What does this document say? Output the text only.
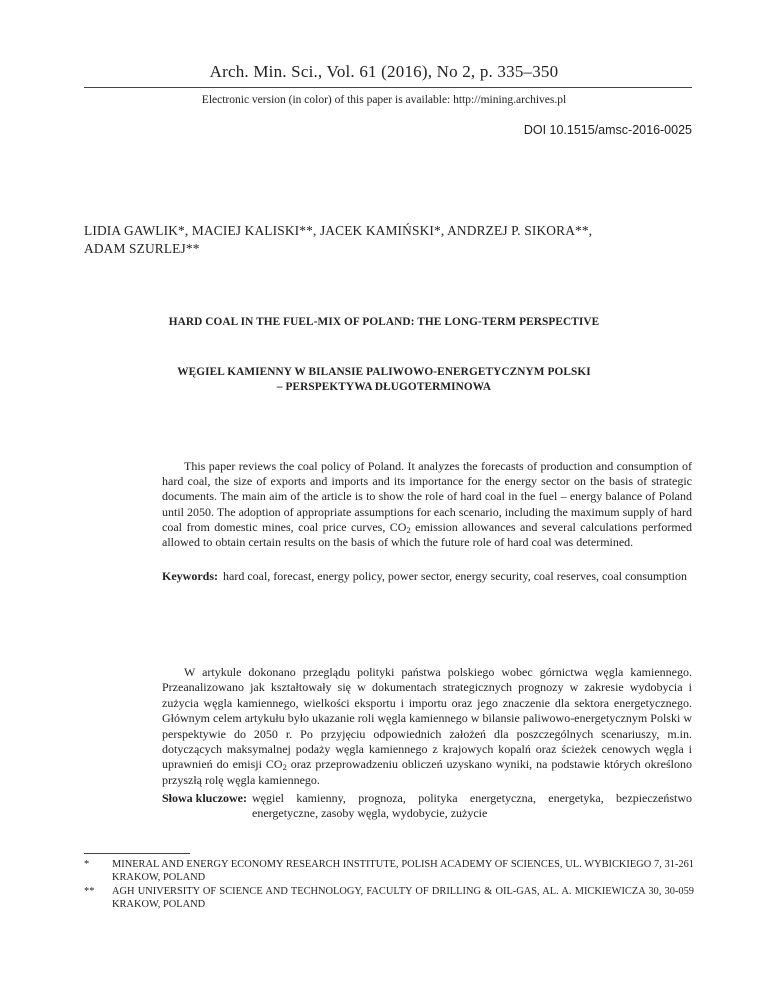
Arch. Min. Sci., Vol. 61 (2016), No 2, p. 335–350
Electronic version (in color) of this paper is available: http://mining.archives.pl
DOI 10.1515/amsc-2016-0025
LIDIA GAWLIK*, MACIEJ KALISKI**, JACEK KAMIŃSKI*, ANDRZEJ P. SIKORA**,
ADAM SZURLEJ**
HARD COAL IN THE FUEL-MIX OF POLAND: THE LONG-TERM PERSPECTIVE
WĘGIEL KAMIENNY W BILANSIE PALIWOWO-ENERGETYCZNYM POLSKI
– PERSPEKTYWA DŁUGOTERMINOWA
This paper reviews the coal policy of Poland. It analyzes the forecasts of production and consumption of hard coal, the size of exports and imports and its importance for the energy sector on the basis of strategic documents. The main aim of the article is to show the role of hard coal in the fuel – energy balance of Poland until 2050. The adoption of appropriate assumptions for each scenario, including the maximum supply of hard coal from domestic mines, coal price curves, $CO_2$ emission allowances and several calculations performed allowed to obtain certain results on the basis of which the future role of hard coal was determined.
Keywords: hard coal, forecast, energy policy, power sector, energy security, coal reserves, coal consumption
W artykule dokonano przeglądu polityki państwa polskiego wobec górnictwa węgla kamiennego. Przeanalizowano jak kształtowały się w dokumentach strategicznych prognozy w zakresie wydobycia i zużycia węgla kamiennego, wielkości eksportu i importu oraz jego znaczenie dla sektora energetycznego. Głównym celem artykułu było ukazanie roli węgla kamiennego w bilansie paliwowo-energetycznym Polski w perspektywie do 2050 r. Po przyjęciu odpowiednich założeń dla poszczególnych scenariuszy, m.in. dotyczących maksymalnej podaży węgla kamiennego z krajowych kopalń oraz ścieżek cenowych węgla i uprawnień do emisji $CO_2$ oraz przeprowadzeniu obliczeń uzyskano wyniki, na podstawie których określono przyszłą rolę węgla kamiennego.
Słowa kluczowe: węgiel kamienny, prognoza, polityka energetyczna, energetyka, bezpieczeństwo energetyczne, zasoby węgla, wydobycie, zużycie
*	MINERAL AND ENERGY ECONOMY RESEARCH INSTITUTE, POLISH ACADEMY OF SCIENCES, UL. WYBICKIEGO 7, 31-261 KRAKOW, POLAND
**	AGH UNIVERSITY OF SCIENCE AND TECHNOLOGY, FACULTY OF DRILLING & OIL-GAS, AL. A. MICKIEWICZA 30, 30-059 KRAKOW, POLAND
